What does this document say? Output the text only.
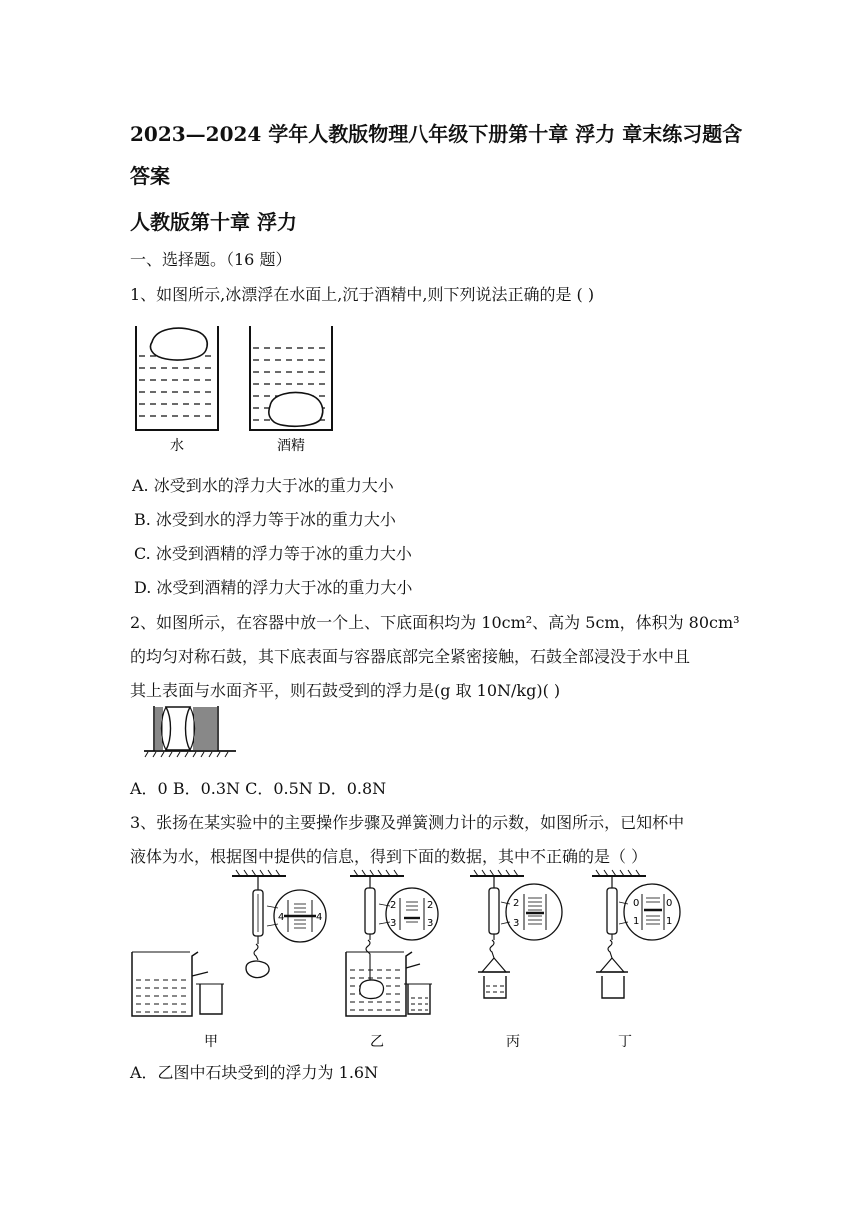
2023—2024 学年人教版物理八年级下册第十章 浮力 章末练习题含
答案
人教版第十章 浮力
一、选择题。（16 题）
1、如图所示,冰漂浮在水面上,沉于酒精中,则下列说法正确的是 ( )
水	酒精
A. 冰受到水的浮力大于冰的重力大小
B. 冰受到水的浮力等于冰的重力大小
C. 冰受到酒精的浮力等于冰的重力大小
D. 冰受到酒精的浮力大于冰的重力大小
2、如图所示，在容器中放一个上、下底面积均为 10cm²、高为 5cm，体积为 80cm³
的均匀对称石鼓，其下底表面与容器底部完全紧密接触，石鼓全部浸没于水中且
其上表面与水面齐平，则石鼓受到的浮力是(g 取 10N/kg)( )
A．0 B．0.3N C．0.5N D．0.8N
3、张扬在某实验中的主要操作步骤及弹簧测力计的示数，如图所示，已知杯中
液体为水，根据图中提供的信息，得到下面的数据，其中不正确的是（ ）
4	4
甲
2
3
2
3
乙
2
3
丙
0
1
0
1
丁
A．乙图中石块受到的浮力为 1.6N
